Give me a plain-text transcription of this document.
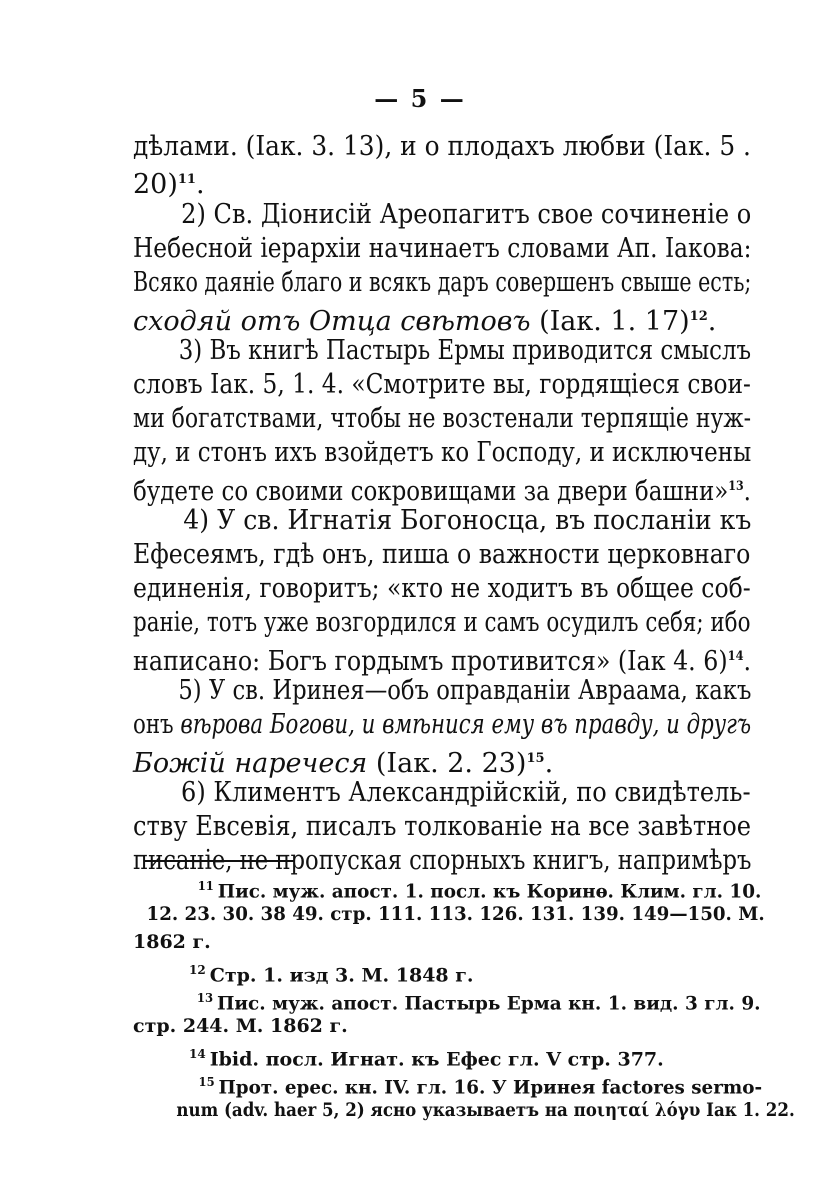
— 5 —
дѣлами. (Іак. 3. 13), и о плодахъ любви (Іак. 5 .
20)$^{11}$.
2) Св. Діонисій Ареопагитъ свое сочиненіе о
Небесной іерархіи начинаетъ словами Ап. Іакова:
Всяко даяніе благо и всякъ даръ совершенъ свыше есть;
сходяй отъ Отца свѣтовъ (Іак. 1. 17)$^{12}$.
3) Въ книгѣ Пастырь Ермы приводится смыслъ
словъ Іак. 5, 1. 4. «Смотрите вы, гордящіеся свои-
ми богатствами, чтобы не возстенали терпящіе нуж-
ду, и стонъ ихъ взойдетъ ко Господу, и исключены
будете со своими сокровищами за двери башни»$^{13}$.
4) У св. Игнатія Богоносца, въ посланіи къ
Ефесеямъ, гдѣ онъ, пиша о важности церковнаго
единенія, говоритъ; «кто не ходитъ въ общее соб-
раніе, тотъ уже возгордился и самъ осудилъ себя; ибо
написано: Богъ гордымъ противится» (Іак 4. 6)$^{14}$.
5) У св. Иринея—объ оправданіи Авраама, какъ
онъ вѣрова Богови, и вмѣнися ему въ правду, и другъ
Божій наречеся (Іак. 2. 23)$^{15}$.
6) Климентъ Александрійскій, по свидѣтель-
ству Евсевія, писалъ толкованіе на все завѣтное
писаніе, не пропуская спорныхъ книгъ, напримѣръ
$^{11}$ Пис. муж. апост. 1. посл. къ Коринѳ. Клим. гл. 10.
12. 23. 30. 38 49. стр. 111. 113. 126. 131. 139. 149—150. М.
1862 г.
$^{12}$ Стр. 1. изд 3. М. 1848 г.
$^{13}$ Пис. муж. апост. Пастырь Ерма кн. 1. вид. 3 гл. 9.
стр. 244. М. 1862 г.
$^{14}$ Ibid. посл. Игнат. къ Ефес гл. V стр. 377.
$^{15}$ Прот. ерес. кн. IV. гл. 16. У Иринея factores sermo-
num (adv. haer 5, 2) ясно указываетъ на ποιηταί λόγυ Іак 1. 22.
